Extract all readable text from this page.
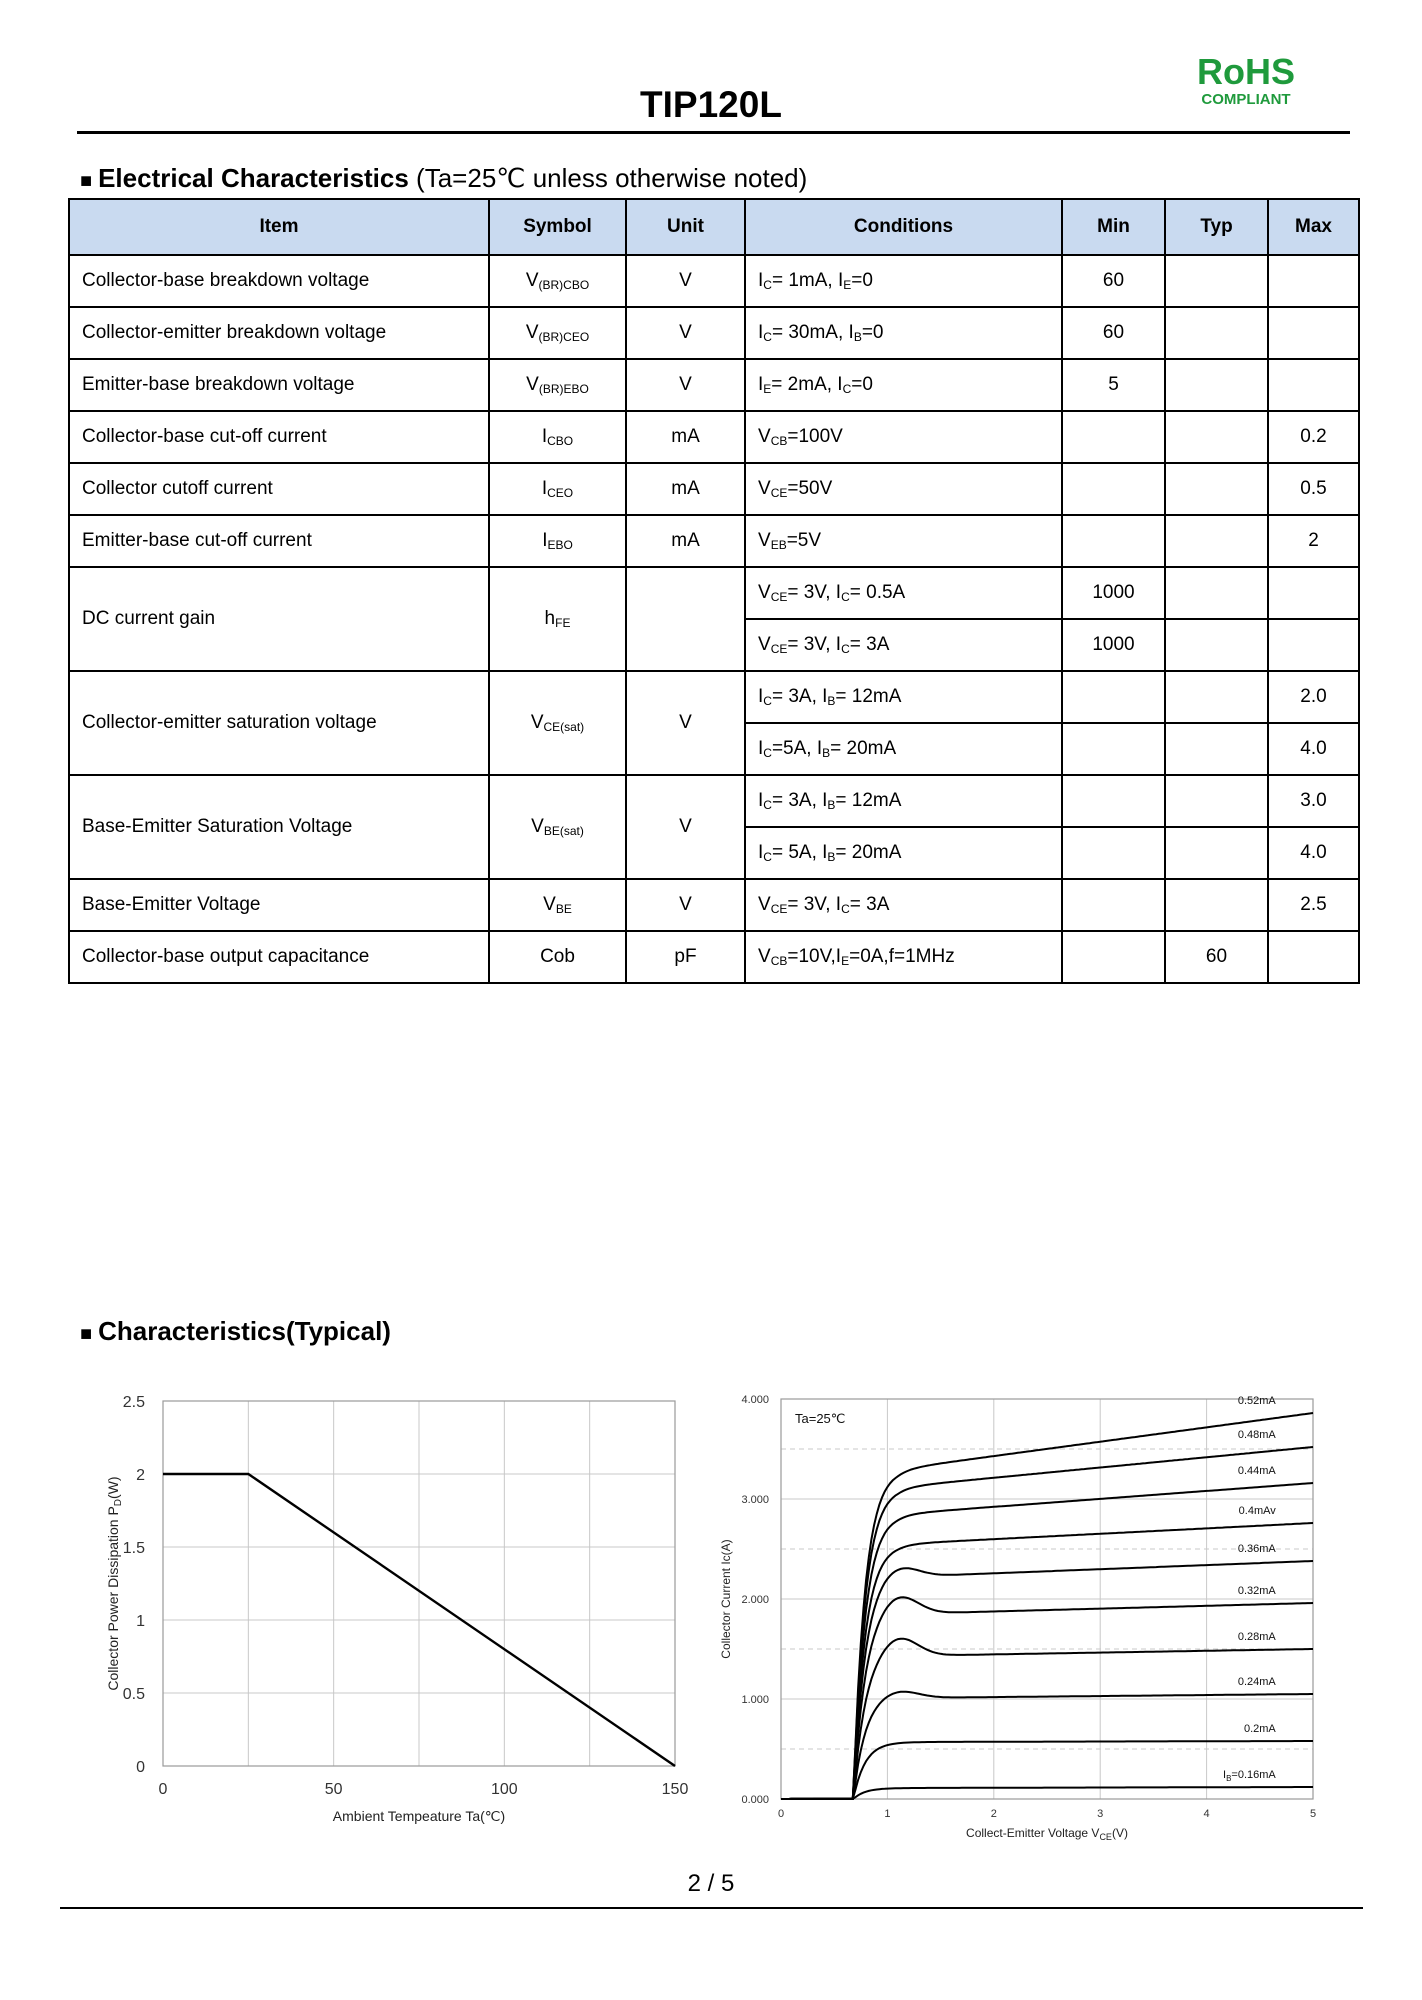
TIP120L
RoHS
COMPLIANT
■ Electrical Characteristics (Ta=25℃ unless otherwise noted)
Item	Symbol	Unit	Conditions	Min	Typ	Max
Collector-base breakdown voltage	$V_{(BR)CBO}$	V	$I_C= 1mA$, $I_E=0$	60		
Collector-emitter breakdown voltage	$V_{(BR)CEO}$	V	$I_C= 30mA$, $I_B=0$	60		
Emitter-base breakdown voltage	$V_{(BR)EBO}$	V	$I_E= 2mA$, $I_C=0$	5		
Collector-base cut-off current	$I_{CBO}$	mA	$V_{CB}=100V$			0.2
Collector cutoff current	$I_{CEO}$	mA	$V_{CE}=50V$			0.5
Emitter-base cut-off current	$I_{EBO}$	mA	$V_{EB}=5V$			2
DC current gain	$h_{FE}$		$V_{CE}= 3V$, $I_C= 0.5A$	1000		
			$V_{CE}= 3V$, $I_C= 3A$	1000		
Collector-emitter saturation voltage	$V_{CE(sat)}$	V	$I_C= 3A$, $I_B= 12mA$			2.0
			$I_C=5A$, $I_B= 20mA$			4.0
Base-Emitter Saturation Voltage	$V_{BE(sat)}$	V	$I_C= 3A$, $I_B= 12mA$			3.0
			$I_C= 5A$, $I_B= 20mA$			4.0
Base-Emitter Voltage	$V_{BE}$	V	$V_{CE}= 3V$, $I_C= 3A$			2.5
Collector-base output capacitance	Cob	pF	$V_{CB}=10V,I_E=0A,f=1MHz$		60	
■ Characteristics(Typical)
0
0.5
1
1.5
2
2.5
0	50	100	150
Ambient Tempeature Ta(℃)
Collector Power Dissipation $P_D(W)$
$I_B=0.16mA$
0.2mA
0.24mA
0.28mA
0.32mA
0.36mA
0.4mAv
0.44mA
0.48mA
0.52mA
0.000
1.000
2.000
3.000
4.000
0	1	2	3	4	5
Ta=25℃
Collect-Emitter Voltage $V_{CE}(V)$
Collector Current Ic(A)
2 / 5
